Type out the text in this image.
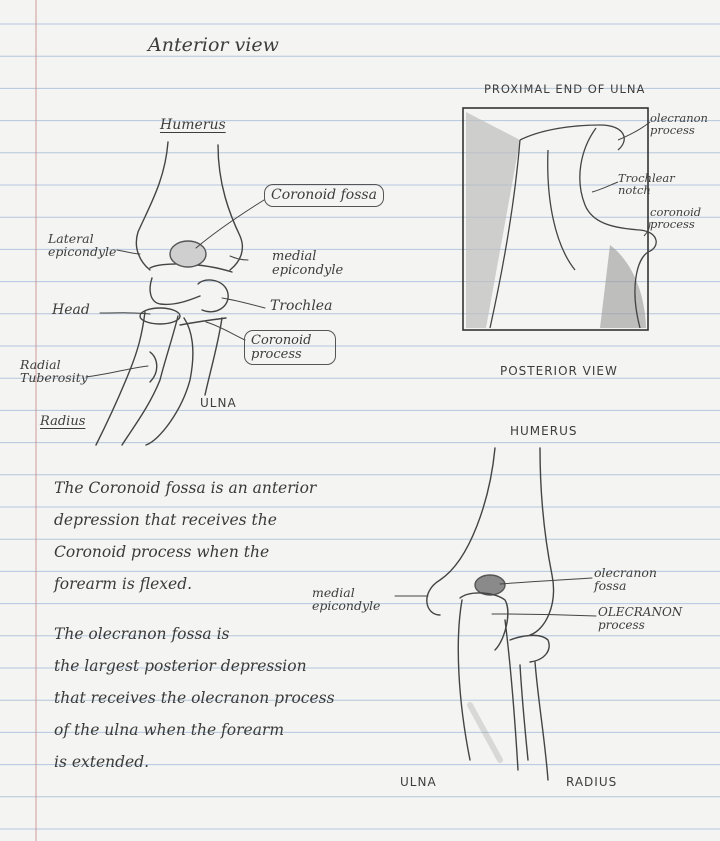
Anterior view
Humerus
Coronoid fossa
Lateral epicondyle	medial epicondyle
Trochlea
Head
Coronoid process
Radial Tuberosity
Radius
ULNA
PROXIMAL END OF ULNA
olecranon process
Trochlear notch
coronoid process
POSTERIOR VIEW
HUMERUS
medial epicondyle
olecranon fossa
OLECRANON process
ULNA	RADIUS
The Coronoid fossa is an anterior
depression that receives the
Coronoid process when the
forearm is flexed.
The olecranon fossa is
the largest posterior depression
that receives the olecranon process
of the ulna when the forearm
is extended.
